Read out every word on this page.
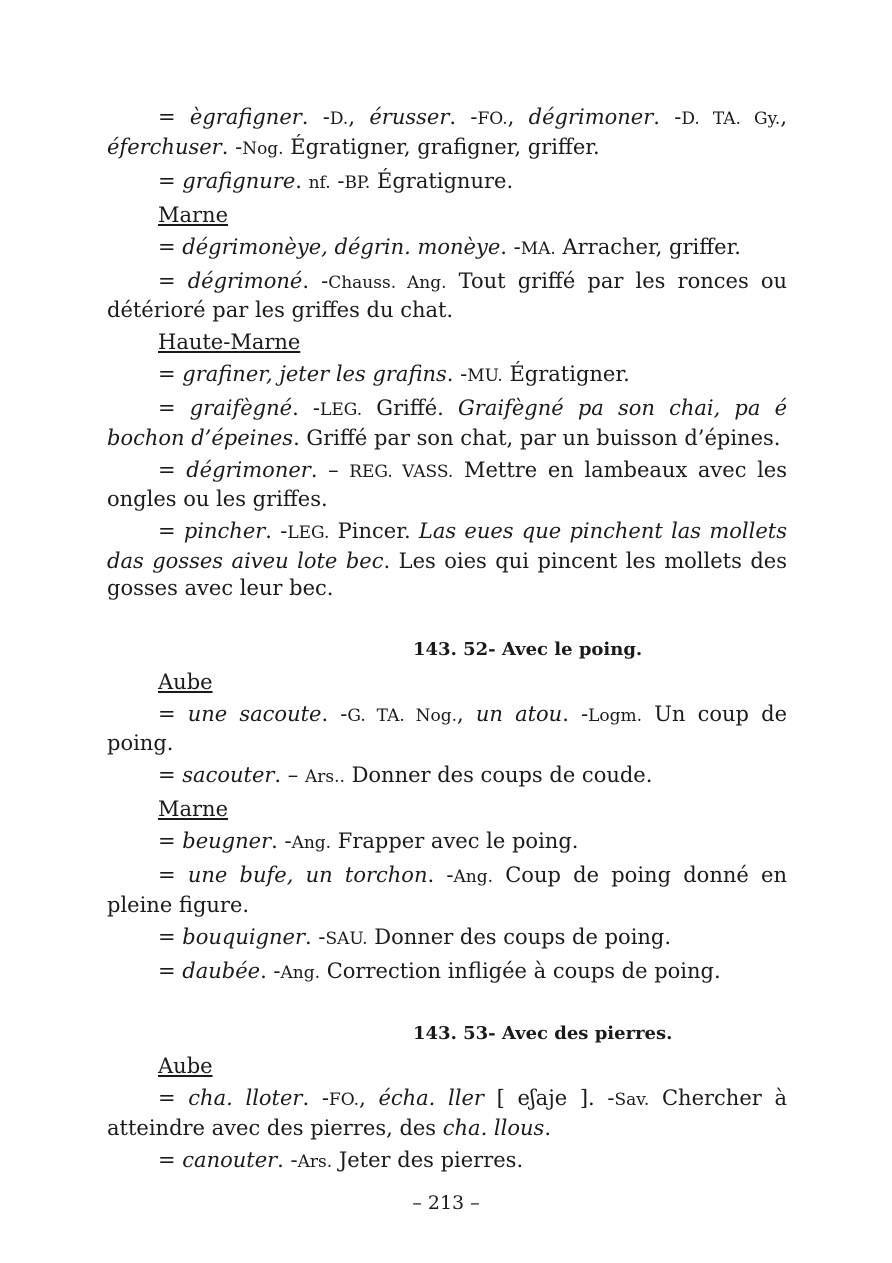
= ègrafigner. -D., érusser. -FO., dégrimoner. -D. TA. Gy., éferchuser. -Nog. Égratigner, grafigner, griffer.

= grafignure. nf. -BP. Égratignure.

Marne

= dégrimonèye, dégrin. monèye. -MA. Arracher, griffer.

= dégrimoné. -Chauss. Ang. Tout griffé par les ronces ou détérioré par les griffes du chat.

Haute-Marne

= grafiner, jeter les grafins. -MU. Égratigner.

= graifègné. -LEG. Griffé. Graifègné pa son chai, pa é bochon d’épeines. Griffé par son chat, par un buisson d’épines.

= dégrimoner. – REG. VASS. Mettre en lambeaux avec les ongles ou les griffes.

= pincher. -LEG. Pincer. Las eues que pinchent las mollets das gosses aiveu lote bec. Les oies qui pincent les mollets des gosses avec leur bec.

143. 52- Avec le poing.

Aube

= une sacoute. -G. TA. Nog., un atou. -Logm. Un coup de poing.

= sacouter. – Ars.. Donner des coups de coude.

Marne

= beugner. -Ang. Frapper avec le poing.

= une bufe, un torchon. -Ang. Coup de poing donné en pleine figure.

= bouquigner. -SAU. Donner des coups de poing.

= daubée. -Ang. Correction infligée à coups de poing.

143. 53- Avec des pierres.

Aube

= cha. lloter. -FO., écha. ller [ eʃaje ]. -Sav. Chercher à atteindre avec des pierres, des cha. llous.

= canouter. -Ars. Jeter des pierres.

– 213 –
